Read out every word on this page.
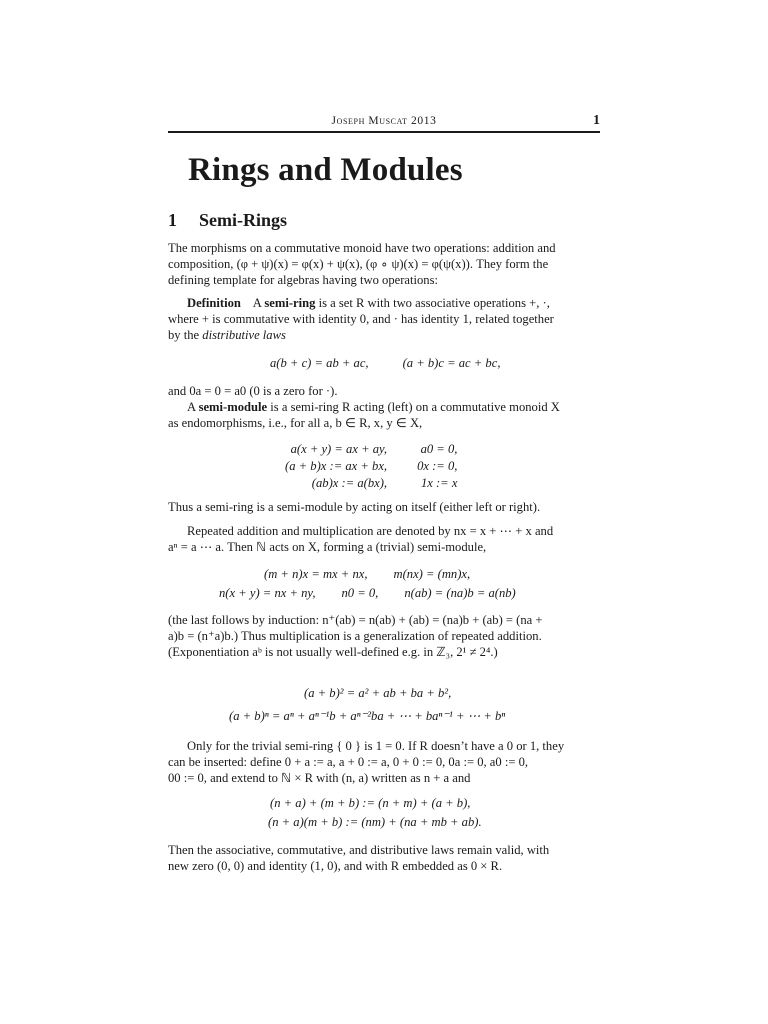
Joseph Muscat 2013	1
Rings and Modules
1 Semi-Rings
The morphisms on a commutative monoid have two operations: addition and
composition, (φ + ψ)(x) = φ(x) + ψ(x), (φ ∘ ψ)(x) = φ(ψ(x)). They form the
defining template for algebras having two operations:
Definition A semi-ring is a set R with two associative operations +, ·,
where + is commutative with identity 0, and · has identity 1, related together
by the distributive laws
a(b + c) = ab + ac,	(a + b)c = ac + bc,
and 0a = 0 = a0 (0 is a zero for ·).
A semi-module is a semi-ring R acting (left) on a commutative monoid X
as endomorphisms, i.e., for all a, b ∈ R, x, y ∈ X,
a(x + y) = ax + ay,	a0 = 0,
(a + b)x := ax + bx, 0x := 0,
(ab)x := a(bx),	1x := x
Thus a semi-ring is a semi-module by acting on itself (either left or right).
Repeated addition and multiplication are denoted by nx = x + ⋯ + x and
aⁿ = a ⋯ a. Then ℕ acts on X, forming a (trivial) semi-module,
(m + n)x = mx + nx, m(nx) = (mn)x,
n(x + y) = nx + ny, n0 = 0, n(ab) = (na)b = a(nb)
(the last follows by induction: n⁺(ab) = n(ab) + (ab) = (na)b + (ab) = (na +
a)b = (n⁺a)b.) Thus multiplication is a generalization of repeated addition.
(Exponentiation aᵇ is not usually well-defined e.g. in ℤ₃, 2¹ ≠ 2⁴.)
(a + b)² = a² + ab + ba + b²,
(a + b)ⁿ = aⁿ + aⁿ⁻¹b + aⁿ⁻²ba + ⋯ + baⁿ⁻¹ + ⋯ + bⁿ
Only for the trivial semi-ring { 0 } is 1 = 0. If R doesn’t have a 0 or 1, they
can be inserted: define 0 + a := a, a + 0 := a, 0 + 0 := 0, 0a := 0, a0 := 0,
00 := 0, and extend to ℕ × R with (n, a) written as n + a and
(n + a) + (m + b) := (n + m) + (a + b),
(n + a)(m + b) := (nm) + (na + mb + ab).
Then the associative, commutative, and distributive laws remain valid, with
new zero (0, 0) and identity (1, 0), and with R embedded as 0 × R.
